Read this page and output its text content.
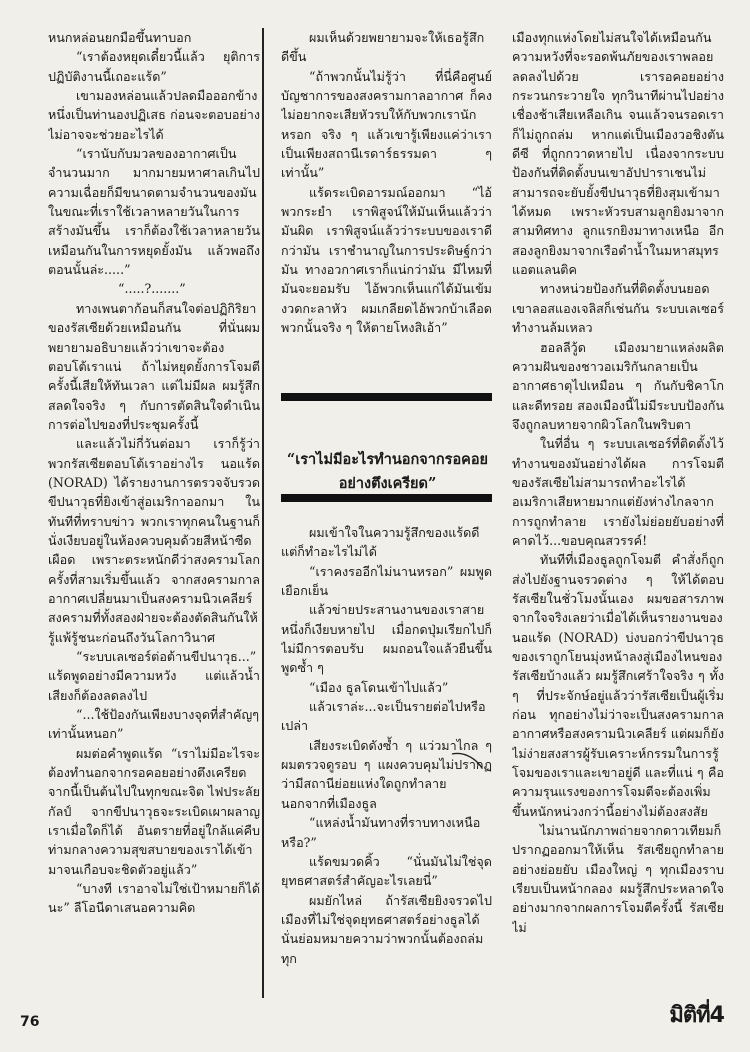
หนกหล่อนยกมือขึ้นทาบอก

“เราต้องหยุดเดี๋ยวนี้แล้ว ยุติการปฏิบัติงานนี้เถอะแร้ด”

เขามองหล่อนแล้วปลดมือออกข้างหนึ่งเป็นท่านองปฏิเสธ ก่อนจะตอบอย่างไม่อาจจะช่วยอะไรได้

“เรานับกับมวลของอากาศเป็นจำนวนมาก มากมายมหาศาลเกินไป ความเฉื่อยก็มีขนาดตามจำนวนของมัน ในขณะที่เราใช้เวลาหลายวันในการสร้างมันขึ้น เราก็ต้องใช้เวลาหลายวันเหมือนกันในการหยุดยั้งมัน แล้วพอถึงตอนนั้นล่ะ.....”

“.....?.......”

ทางเพนตาก้อนก็สนใจต่อปฏิกิริยาของรัสเซียด้วยเหมือนกัน ที่นั่นผมพยายามอธิบายแล้วว่าเขาจะต้องตอบโต้เราแน่ ถ้าไม่หยุดยั้งการโจมตีครั้งนี้เสียให้ทันเวลา แต่ไม่มีผล ผมรู้สึกสลดใจจริง ๆ กับการตัดสินใจดำเนินการต่อไปของที่ประชุมครั้งนี้

และแล้วไม่กี่วันต่อมา เราก็รู้ว่าพวกรัสเซียตอบโต้เราอย่างไร นอแร้ด (NORAD) ได้รายงานการตรวจจับรวดขีปนาวุธที่ยิงเข้าสู่อเมริกาออกมา ในทันทีที่ทราบข่าว พวกเราทุกคนในฐานก็นั่งเงียบอยู่ในห้องควบคุมด้วยสีหน้าซีดเผือด เพราะตระหนักดีว่าสงครามโลกครั้งที่สามเริ่มขึ้นแล้ว จากสงครามกาลอากาศเปลี่ยนมาเป็นสงครามนิวเคลียร์ สงครามที่ทั้งสองฝ่ายจะต้องตัดสินกันให้รู้แพ้รู้ชนะก่อนถึงวันโลกาวินาศ

“ระบบเลเซอร์ต่อต้านขีปนาวุธ...” แร้ดพูดอย่างมีความหวัง แต่แล้วน้ำเสียงก็ต้องลดลงไป

“...ใช้ป้องกันเพียงบางจุดที่สำคัญๆ เท่านั้นหนอก”

ผมต่อคำพูดแร้ด “เราไม่มีอะไรจะต้องทำนอกจากรอคอยอย่างตึงเครียด จากนี้เป็นต้นไปในทุกขณะจิต ไฟประลัยกัลป์ จากขีปนาวุธจะระเบิดเผาผลาญเราเมื่อใดก็ได้ อันตรายที่อยู่ใกล้แค่คืบท่ามกลางความสุขสบายของเราได้เข้ามาจนเกือบจะชิดตัวอยู่แล้ว”

“บางที เราอาจไม่ใช่เป้าหมายก็ได้นะ” ลีโอนีดาเสนอความคิด

ผมเห็นด้วยพยายามจะให้เธอรู้สึกดีขึ้น

“ถ้าพวกนั้นไม่รู้ว่า ที่นี่คือศูนย์บัญชาการของสงครามกาลอากาศ ก็คงไม่อยากจะเสียหัวรบให้กับพวกเรานักหรอก จริง ๆ แล้วเขารู้เพียงแค่ว่าเราเป็นเพียงสถานีเรดาร์ธรรมดา ๆ เท่านั้น”

แร้ดระเบิดอารมณ์ออกมา “ไอ้พวกระยำ เราพิสูจน์ให้มันเห็นแล้วว่ามันผิด เราพิสูจน์แล้วว่าระบบของเราดีกว่ามัน เราชำนาญในการประดิษฐ์กว่ามัน ทางอวกาศเราก็แน่กว่ามัน มีไหมที่มันจะยอมรับ ไอ้พวกเห็นแก่ได้มันเข้มงวดกะลาหัว ผมเกลียดไอ้พวกบ้าเลือดพวกนั้นจริง ๆ ให้ตายโหงสิเอ้า”

“เราไม่มีอะไรทำนอกจากรอคอยอย่างตึงเครียด”

ผมเข้าใจในความรู้สึกของแร้ดดีแต่ก็ทำอะไรไม่ได้

“เราคงรออีกไม่นานหรอก” ผมพูดเยือกเย็น

แล้วข่ายประสานงานของเราสายหนึ่งก็เงียบหายไป เมื่อกดปุ่มเรียกไปก็ไม่มีการตอบรับ ผมถอนใจแล้วยืนขึ้นพูดซ้ำ ๆ

“เมือง ธูลโดนเข้าไปแล้ว”

แล้วเราล่ะ...จะเป็นรายต่อไปหรือเปล่า

เสียงระเบิดดังซ้ำ ๆ แว่วมาไกล ๆ ผมตรวจดูรอบ ๆ แผงควบคุมไม่ปรากฏว่ามีสถานีย่อยแห่งใดถูกทำลายนอกจากที่เมืองธูล

“แหล่งน้ำมันทางที่ราบทางเหนือหรือ?”

แร้ดขมวดคิ้ว “นั่นมันไม่ใช่จุดยุทธศาสตร์สำคัญอะไรเลยนี่”

ผมยักไหล่ ถ้ารัสเซียยิงจรวดไปเมืองที่ไม่ใช่จุดยุทธศาสตร์อย่างธูลได้ นั่นย่อมหมายความว่าพวกนั้นต้องถล่มทุก

เมืองทุกแห่งโดยไม่สนใจได้เหมือนกัน ความหวังที่จะรอดพ้นภัยของเราพลอยลดลงไปด้วย เรารอคอยอย่างกระวนกระวายใจ ทุกวินาทีผ่านไปอย่างเชื่องช้าเสียเหลือเกิน จนแล้วจนรอดเราก็ไม่ถูกถล่ม หากแต่เป็นเมืองวอชิงตัน ดีซี ที่ถูกกวาดหายไป เนื่องจากระบบป้องกันที่ติดตั้งบนเขาอัปปาราเชนไม่สามารถจะยับยั้งขีปนาวุธที่ยิงสุมเข้ามาได้หมด เพราะหัวรบสามลูกยิงมาจากสามทิศทาง ลูกแรกยิงมาทางเหนือ อีกสองลูกยิงมาจากเรือดำน้ำในมหาสมุทรแอตแลนติค

ทางหน่วยป้องกันที่ติดตั้งบนยอดเขาลอสแองเจลิสก็เช่นกัน ระบบเลเซอร์ทำงานล้มเหลว

ฮอลลีวู้ด เมืองมายาแหล่งผลิตความฝันของชาวอเมริกันกลายเป็นอากาศธาตุไปเหมือน ๆ กันกับชิคาโกและดีทรอย สองเมืองนี้ไม่มีระบบป้องกันจึงถูกลบหายจากผิวโลกในพริบตา

ในที่อื่น ๆ ระบบเลเซอร์ที่ติดตั้งไว้ทำงานของมันอย่างได้ผล การโจมตีของรัสเซียไม่สามารถทำอะไรได้ อเมริกาเสียหายมากแต่ยังห่างไกลจากการถูกทำลาย เรายังไม่ย่อยยับอย่างที่คาดไว้...ขอบคุณสวรรค์!

ทันทีที่เมืองธูลถูกโจมตี คำสั่งก็ถูกส่งไปยังฐานจรวดต่าง ๆ ให้ได้ตอบรัสเซียในชั่วโมงนั้นเอง ผมขอสารภาพจากใจจริงเลยว่าเมื่อได้เห็นรายงานของ นอแร้ด (NORAD) บ่งบอกว่าขีปนาวุธของเราถูกโยนมุ่งหน้าลงสู่เมืองไหนของรัสเซียบ้างแล้ว ผมรู้สึกเศร้าใจจริง ๆ ทั้ง ๆ ที่ประจักษ์อยู่แล้วว่ารัสเซียเป็นผู้เริ่มก่อน ทุกอย่างไม่ว่าจะเป็นสงครามกาลอากาศหรือสงครามนิวเคลียร์ แต่ผมก็ยังไม่ง่ายสงสารผู้รับเคราะห์กรรมในการรู้โจมของเราและเขาอยู่ดี และที่แน่ ๆ คือความรุนแรงของการโจมตีจะต้องเพิ่มขึ้นหนักหน่วงกว่านี้อย่างไม่ต้องสงสัย

ไม่นานนักภาพถ่ายจากดาวเทียมก็ปรากฏออกมาให้เห็น รัสเซียถูกทำลายอย่างย่อยยับ เมืองใหญ่ ๆ ทุกเมืองราบเรียบเป็นหน้ากลอง ผมรู้สึกประหลาดใจอย่างมากจากผลการโจมตีครั้งนี้ รัสเซียไม่

76	มิติที่4
